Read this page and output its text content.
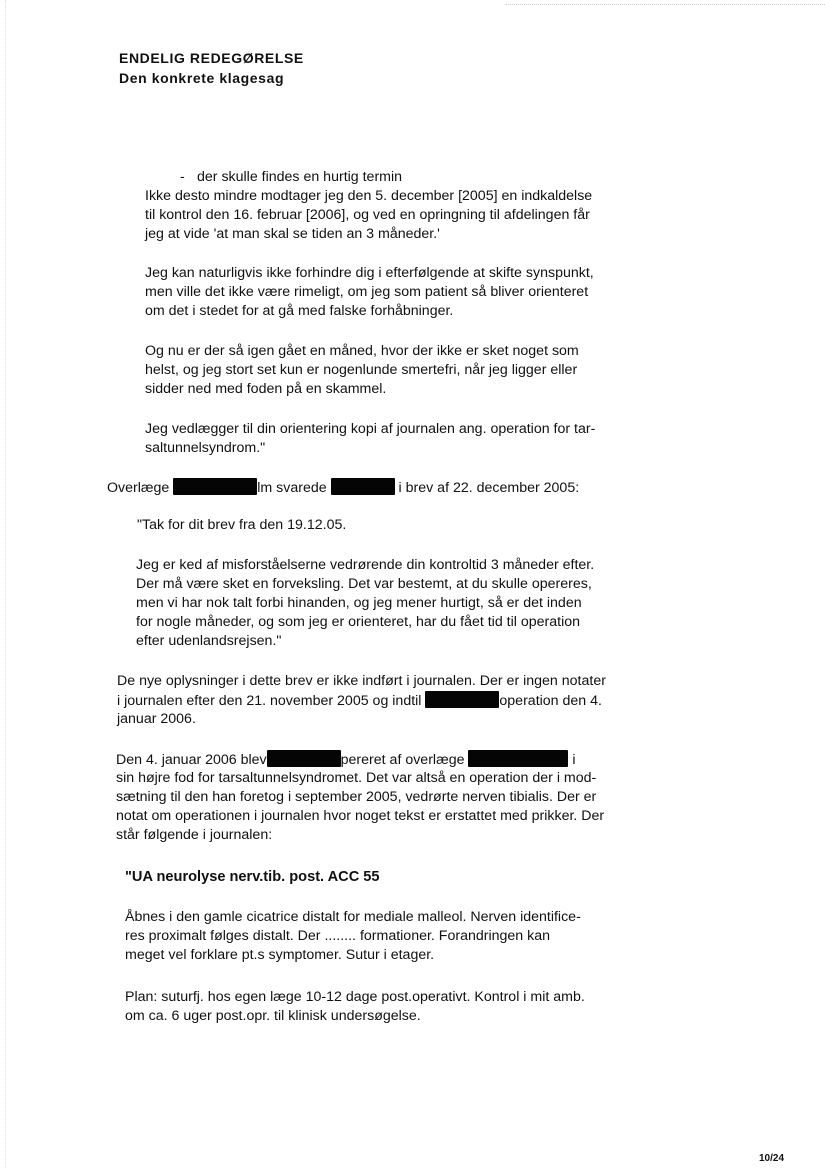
ENDELIG REDEGØRELSE
Den konkrete klagesag
- der skulle findes en hurtig termin
Ikke desto mindre modtager jeg den 5. december [2005] en indkaldelse
til kontrol den 16. februar [2006], og ved en opringning til afdelingen får
jeg at vide 'at man skal se tiden an 3 måneder.'
Jeg kan naturligvis ikke forhindre dig i efterfølgende at skifte synspunkt,
men ville det ikke være rimeligt, om jeg som patient så bliver orienteret
om det i stedet for at gå med falske forhåbninger.
Og nu er der så igen gået en måned, hvor der ikke er sket noget som
helst, og jeg stort set kun er nogenlunde smertefri, når jeg ligger eller
sidder ned med foden på en skammel.
Jeg vedlægger til din orientering kopi af journalen ang. operation for tar-
saltunnelsyndrom."
Overlæge	lm svarede	i brev af 22. december 2005:
"Tak for dit brev fra den 19.12.05.
Jeg er ked af misforståelserne vedrørende din kontroltid 3 måneder efter.
Der må være sket en forveksling. Det var bestemt, at du skulle opereres,
men vi har nok talt forbi hinanden, og jeg mener hurtigt, så er det inden
for nogle måneder, og som jeg er orienteret, har du fået tid til operation
efter udenlandsrejsen."
De nye oplysninger i dette brev er ikke indført i journalen. Der er ingen notater
i journalen efter den 21. november 2005 og indtil	operation den 4.
januar 2006.
Den 4. januar 2006 blev	pereret af overlæge	i
sin højre fod for tarsaltunnelsyndromet. Det var altså en operation der i mod-
sætning til den han foretog i september 2005, vedrørte nerven tibialis. Der er
notat om operationen i journalen hvor noget tekst er erstattet med prikker. Der
står følgende i journalen:
"UA neurolyse nerv.tib. post. ACC 55
Åbnes i den gamle cicatrice distalt for mediale malleol. Nerven identifice-
res proximalt følges distalt. Der ........ formationer. Forandringen kan
meget vel forklare pt.s symptomer. Sutur i etager.
Plan: suturfj. hos egen læge 10-12 dage post.operativt. Kontrol i mit amb.
om ca. 6 uger post.opr. til klinisk undersøgelse.
10/24
